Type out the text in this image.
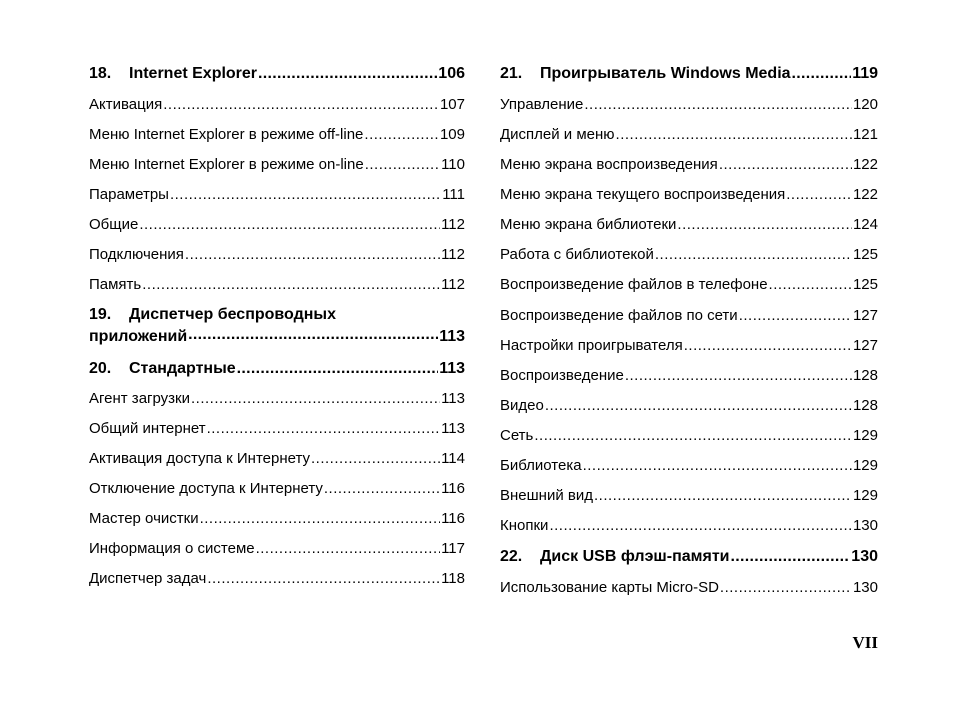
18.	Internet Explorer .....	106
Активация .....	107
Меню Internet Explorer в режиме off-line .....	109
Меню Internet Explorer в режиме on-line .....	110
Параметры .....	111
Общие .....	112
Подключения .....	112
Память .....	112
19. Диспетчер беспроводных
приложений .....	113
20.	Стандартные .....	113
Агент загрузки .....	113
Общий интернет .....	113
Активация доступа к Интернету .....	114
Отключение доступа к Интернету .....	116
Мастер очистки .....	116
Информация о системе .....	117
Диспетчер задач .....	118
21.	Проигрыватель Windows Media .....	119
Управление .....	120
Дисплей и меню .....	121
Меню экрана воспроизведения .....	122
Меню экрана текущего воспроизведения .....	122
Меню экрана библиотеки .....	124
Работа с библиотекой .....	125
Воспроизведение файлов в телефоне .....	125
Воспроизведение файлов по сети .....	127
Настройки проигрывателя .....	127
Воспроизведение .....	128
Видео .....	128
Сеть .....	129
Библиотека .....	129
Внешний вид .....	129
Кнопки .....	130
22.	Диск USB флэш-памяти .....	130
Использование карты Micro-SD .....	130
VII
